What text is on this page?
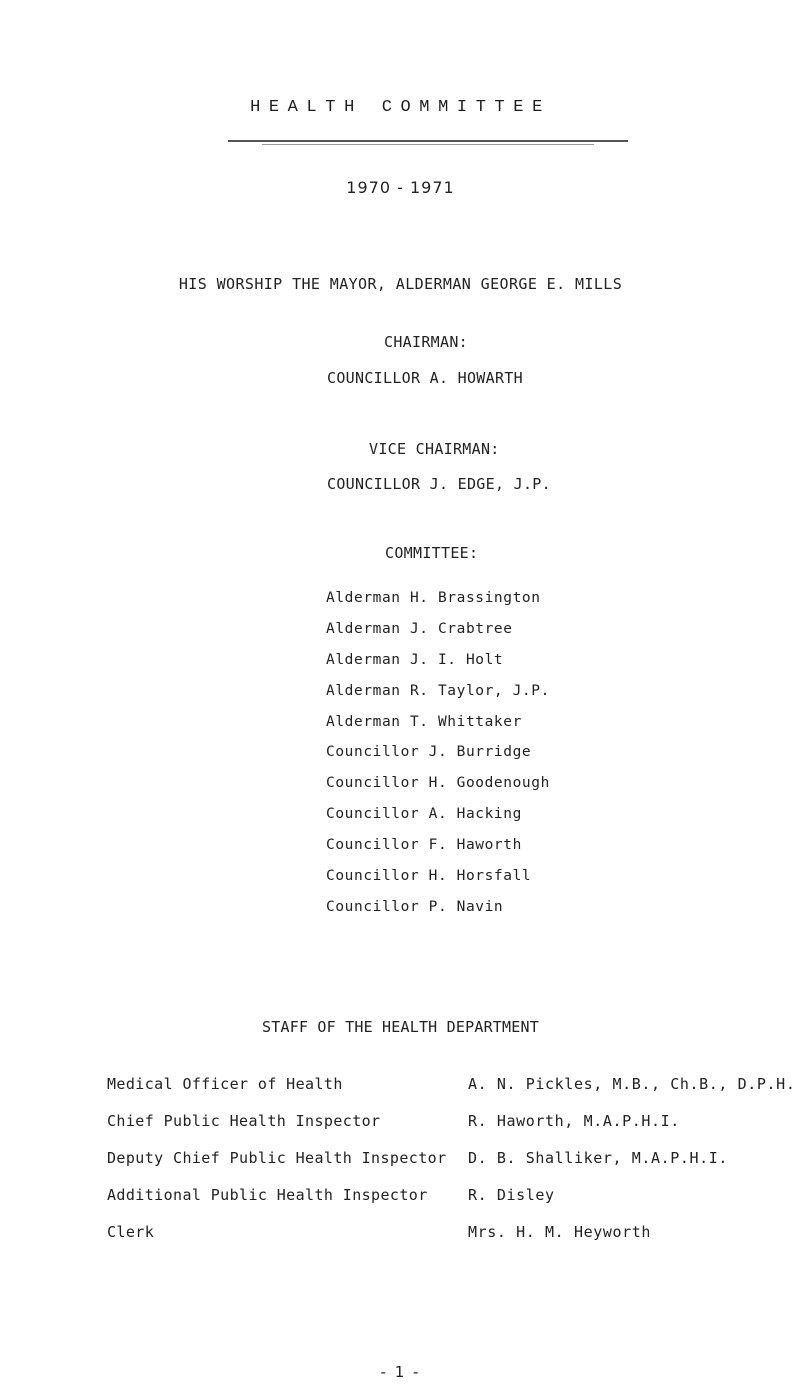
HEALTH COMMITTEE
1970 - 1971
HIS WORSHIP THE MAYOR, ALDERMAN GEORGE E. MILLS
CHAIRMAN:
COUNCILLOR A. HOWARTH
VICE CHAIRMAN:
COUNCILLOR J. EDGE, J.P.
COMMITTEE:
Alderman H. Brassington
Alderman J. Crabtree
Alderman J. I. Holt
Alderman R. Taylor, J.P.
Alderman T. Whittaker
Councillor J. Burridge
Councillor H. Goodenough
Councillor A. Hacking
Councillor F. Haworth
Councillor H. Horsfall
Councillor P. Navin
STAFF OF THE HEALTH DEPARTMENT
Medical Officer of Health	A. N. Pickles, M.B., Ch.B., D.P.H.
Chief Public Health Inspector	R. Haworth, M.A.P.H.I.
Deputy Chief Public Health Inspector D. B. Shalliker, M.A.P.H.I.
Additional Public Health Inspector	R. Disley
Clerk	Mrs. H. M. Heyworth
- 1 -
